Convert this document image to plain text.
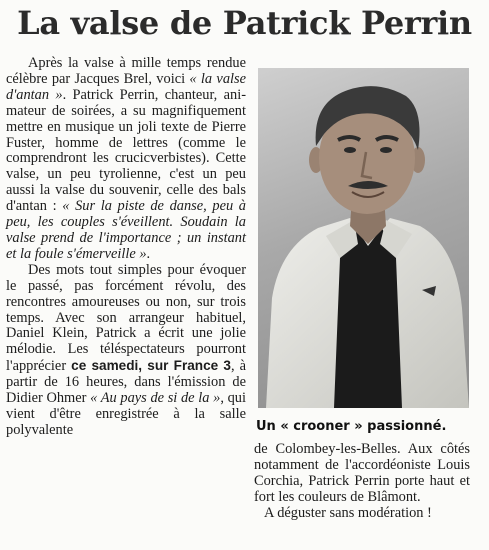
La valse de Patrick Perrin

Après la valse à mille temps rendue célèbre par Jacques Brel, voici « la valse d'antan ». Patrick Perrin, chanteur, animateur de soirées, a su magnifiquement mettre en musique un joli texte de Pierre Fuster, homme de lettres (comme le comprendront les crucicverbistes). Cette valse, un peu tyrolienne, c'est un peu aussi la valse du souvenir, celle des bals d'antan : « Sur la piste de danse, peu à peu, les couples s'éveillent. Soudain la valse prend de l'importance ; un instant et la foule s'émerveille ».

Des mots tout simples pour évoquer le passé, pas forcément révolu, des rencontres amoureuses ou non, sur trois temps. Avec son arrangeur habituel, Daniel Klein, Patrick a écrit une jolie mélodie. Les téléspectateurs pourront l'apprécier ce samedi, sur France 3, à partir de 16 heures, dans l'émission de Didier Ohmer « Au pays de si de la », qui vient d'être enregistrée à la salle polyvalente	Un « crooner » passionné.

de Colombey-les-Belles. Aux côtés notamment de l'accordéoniste Louis Corchia, Patrick Perrin porte haut et fort les couleurs de Blâmont.

A déguster sans modération !
